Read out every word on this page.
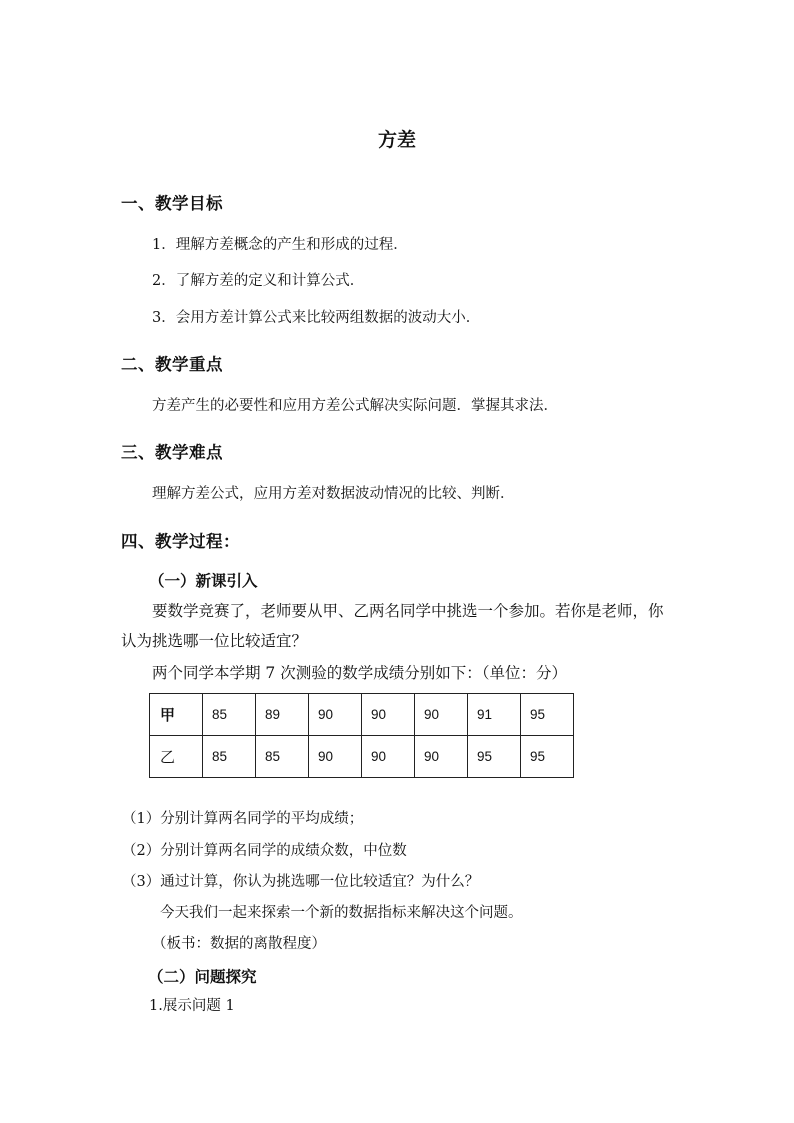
方差
一、教学目标
1．理解方差概念的产生和形成的过程．
2．了解方差的定义和计算公式．
3．会用方差计算公式来比较两组数据的波动大小．
二、教学重点
方差产生的必要性和应用方差公式解决实际问题．掌握其求法．
三、教学难点
理解方差公式，应用方差对数据波动情况的比较、判断．
四、教学过程：
（一）新课引入
要数学竞赛了，老师要从甲、乙两名同学中挑选一个参加。若你是老师，你
认为挑选哪一位比较适宜？
两个同学本学期 7 次测验的数学成绩分别如下：（单位：分）
甲	85	89	90	90	90	91	95
乙	85	85	90	90	90	95	95
（1）分别计算两名同学的平均成绩；
（2）分别计算两名同学的成绩众数，中位数
（3）通过计算，你认为挑选哪一位比较适宜？为什么？
今天我们一起来探索一个新的数据指标来解决这个问题。
（板书：数据的离散程度）
（二）问题探究
1.展示问题 1
